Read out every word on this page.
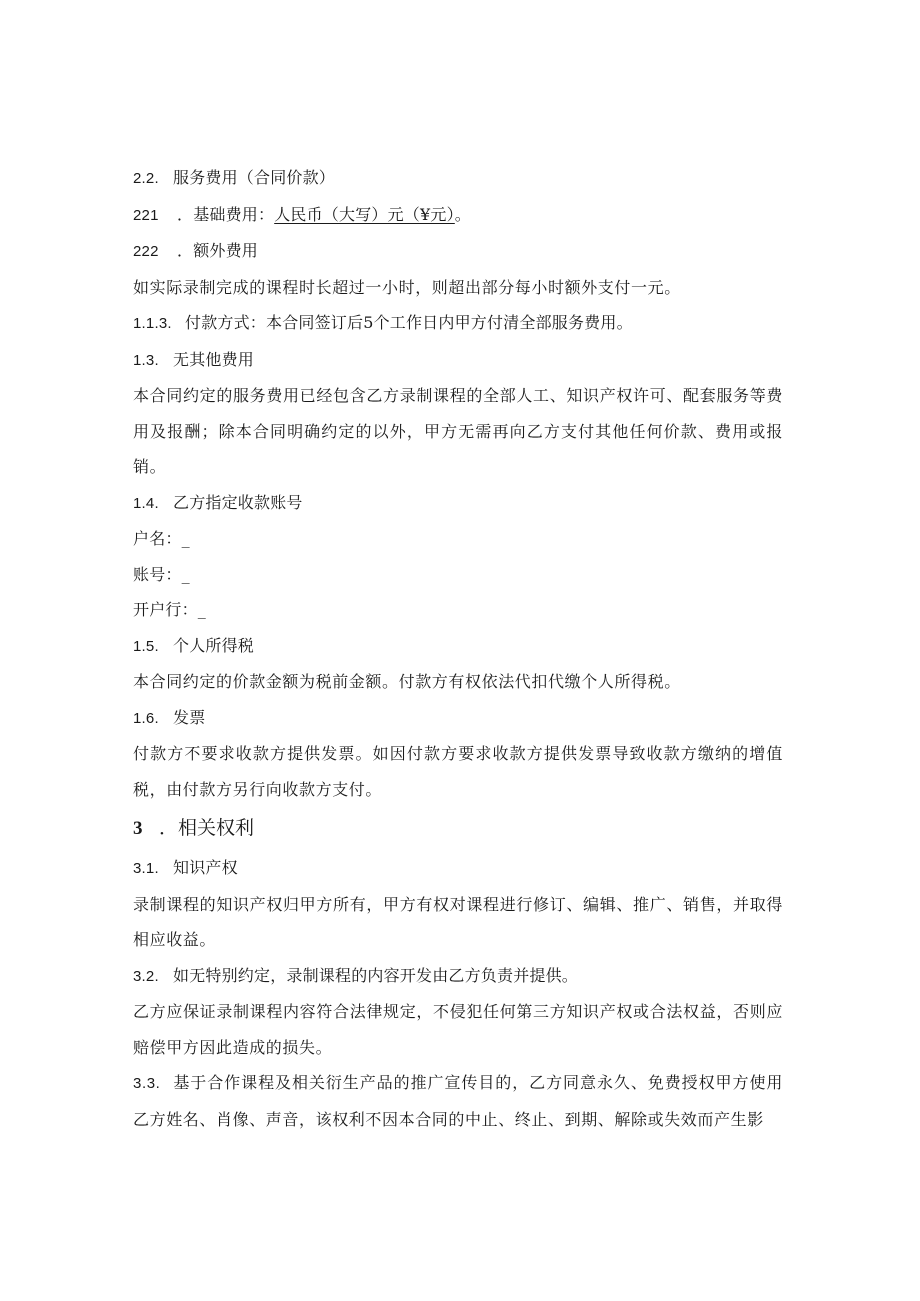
2.2. 服务费用（合同价款）
221 ．基础费用：人民币（大写）元（¥元）。
222 ．额外费用
如实际录制完成的课程时长超过一小时，则超出部分每小时额外支付一元。
1.1.3. 付款方式：本合同签订后5个工作日内甲方付清全部服务费用。
1.3. 无其他费用
本合同约定的服务费用已经包含乙方录制课程的全部人工、知识产权许可、配套服务等费用及报酬；除本合同明确约定的以外，甲方无需再向乙方支付其他任何价款、费用或报销。
1.4. 乙方指定收款账号
户名：_
账号：_
开户行：_
1.5. 个人所得税
本合同约定的价款金额为税前金额。付款方有权依法代扣代缴个人所得税。
1.6. 发票
付款方不要求收款方提供发票。如因付款方要求收款方提供发票导致收款方缴纳的增值税，由付款方另行向收款方支付。
3 ．相关权利
3.1. 知识产权
录制课程的知识产权归甲方所有，甲方有权对课程进行修订、编辑、推广、销售，并取得相应收益。
3.2. 如无特别约定，录制课程的内容开发由乙方负责并提供。
乙方应保证录制课程内容符合法律规定，不侵犯任何第三方知识产权或合法权益，否则应赔偿甲方因此造成的损失。
3.3. 基于合作课程及相关衍生产品的推广宣传目的，乙方同意永久、免费授权甲方使用乙方姓名、肖像、声音，该权利不因本合同的中止、终止、到期、解除或失效而产生影
